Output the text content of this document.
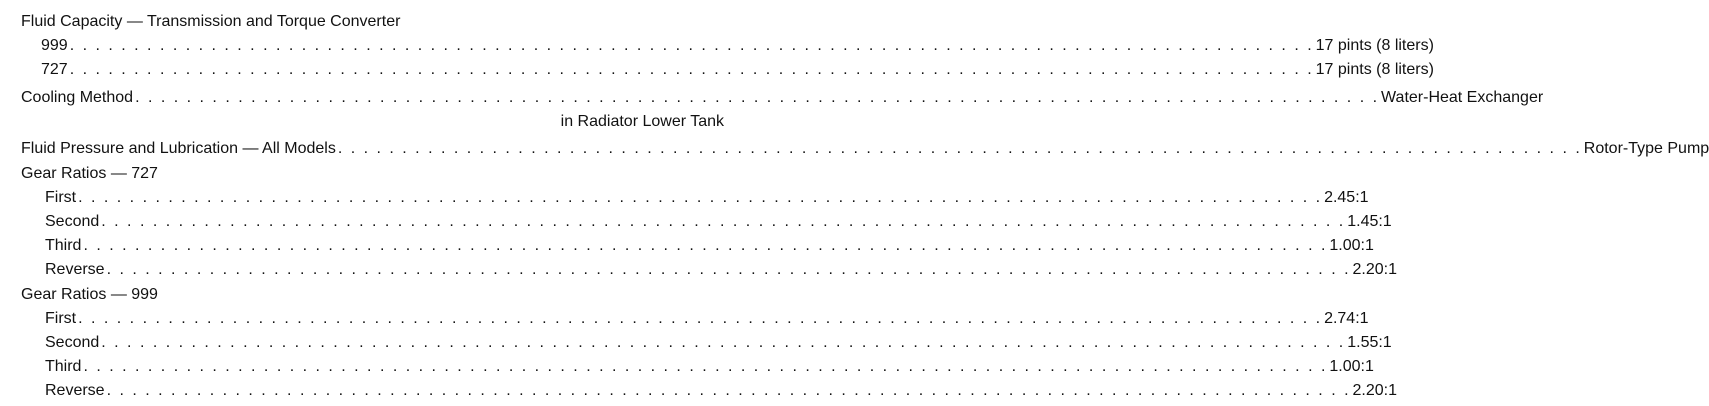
Fluid Capacity — Transmission and Torque Converter
999 . . . . . . . . . . . . . . . . . . . . . . . . . . . . . . . . . . . . . . . . . . . . . . . . . . . . . . . . . . . . . . . . . . . . . . . . . . . . . . . . . . . . . . . . . . . . . . . . . 17 pints (8 liters)
727 . . . . . . . . . . . . . . . . . . . . . . . . . . . . . . . . . . . . . . . . . . . . . . . . . . . . . . . . . . . . . . . . . . . . . . . . . . . . . . . . . . . . . . . . . . . . . . . . . 17 pints (8 liters)
Cooling Method . . . . . . . . . . . . . . . . . . . . . . . . . . . . . . . . . . . . . . . . . . . . . . . . . . . . . . . . . . . . . . . . . . . . . . . . . . . . . . . . . . . . . . . . . . . . . . . . . Water-Heat Exchanger
in Radiator Lower Tank
Fluid Pressure and Lubrication — All Models . . . . . . . . . . . . . . . . . . . . . . . . . . . . . . . . . . . . . . . . . . . . . . . . . . . . . . . . . . . . . . . . . . . . . . . . . . . . . . . . . . . . . . . . . . . . . . . . . Rotor-Type Pump
Gear Ratios — 727
First . . . . . . . . . . . . . . . . . . . . . . . . . . . . . . . . . . . . . . . . . . . . . . . . . . . . . . . . . . . . . . . . . . . . . . . . . . . . . . . . . . . . . . . . . . . . . . . . . 2.45:1
Second . . . . . . . . . . . . . . . . . . . . . . . . . . . . . . . . . . . . . . . . . . . . . . . . . . . . . . . . . . . . . . . . . . . . . . . . . . . . . . . . . . . . . . . . . . . . . . . . . 1.45:1
Third . . . . . . . . . . . . . . . . . . . . . . . . . . . . . . . . . . . . . . . . . . . . . . . . . . . . . . . . . . . . . . . . . . . . . . . . . . . . . . . . . . . . . . . . . . . . . . . . . 1.00:1
Reverse . . . . . . . . . . . . . . . . . . . . . . . . . . . . . . . . . . . . . . . . . . . . . . . . . . . . . . . . . . . . . . . . . . . . . . . . . . . . . . . . . . . . . . . . . . . . . . . . . 2.20:1
Gear Ratios — 999
First . . . . . . . . . . . . . . . . . . . . . . . . . . . . . . . . . . . . . . . . . . . . . . . . . . . . . . . . . . . . . . . . . . . . . . . . . . . . . . . . . . . . . . . . . . . . . . . . . 2.74:1
Second . . . . . . . . . . . . . . . . . . . . . . . . . . . . . . . . . . . . . . . . . . . . . . . . . . . . . . . . . . . . . . . . . . . . . . . . . . . . . . . . . . . . . . . . . . . . . . . . . 1.55:1
Third . . . . . . . . . . . . . . . . . . . . . . . . . . . . . . . . . . . . . . . . . . . . . . . . . . . . . . . . . . . . . . . . . . . . . . . . . . . . . . . . . . . . . . . . . . . . . . . . . 1.00:1
Reverse . . . . . . . . . . . . . . . . . . . . . . . . . . . . . . . . . . . . . . . . . . . . . . . . . . . . . . . . . . . . . . . . . . . . . . . . . . . . . . . . . . . . . . . . . . . . . . . . . 2.20:1
